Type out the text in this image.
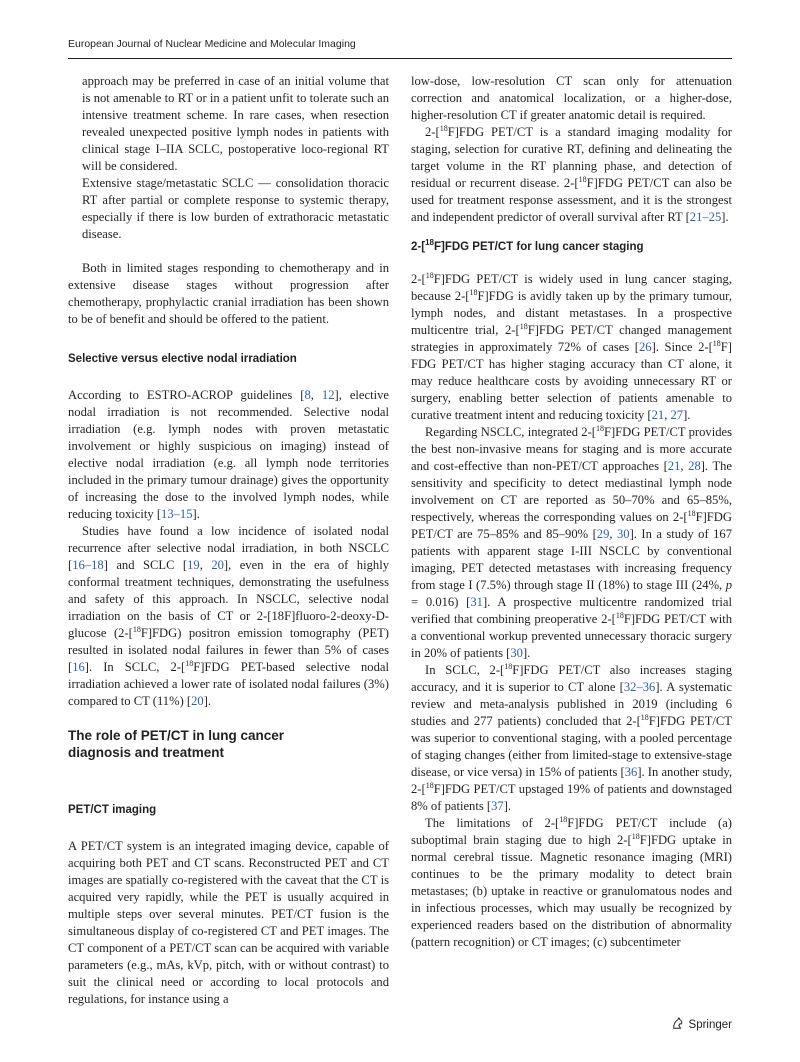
European Journal of Nuclear Medicine and Molecular Imaging

approach may be preferred in case of an initial volume that is not amenable to RT or in a patient unfit to tolerate such an intensive treatment scheme. In rare cases, when resection revealed unexpected positive lymph nodes in patients with clinical stage I–IIA SCLC, postoperative loco-regional RT will be considered.

Extensive stage/metastatic SCLC — consolidation thoracic RT after partial or complete response to systemic therapy, especially if there is low burden of extrathoracic metastatic disease.

Both in limited stages responding to chemotherapy and in extensive disease stages without progression after chemotherapy, prophylactic cranial irradiation has been shown to be of benefit and should be offered to the patient.

Selective versus elective nodal irradiation

According to ESTRO-ACROP guidelines [8, 12], elective nodal irradiation is not recommended. Selective nodal irradiation (e.g. lymph nodes with proven metastatic involvement or highly suspicious on imaging) instead of elective nodal irradiation (e.g. all lymph node territories included in the primary tumour drainage) gives the opportunity of increasing the dose to the involved lymph nodes, while reducing toxicity [13–15].

Studies have found a low incidence of isolated nodal recurrence after selective nodal irradiation, in both NSCLC [16–18] and SCLC [19, 20], even in the era of highly conformal treatment techniques, demonstrating the usefulness and safety of this approach. In NSCLC, selective nodal irradiation on the basis of CT or 2-[18F]fluoro-2-deoxy-D-glucose (2-[$^{18}$F]FDG) positron emission tomography (PET) resulted in isolated nodal failures in fewer than 5% of cases [16]. In SCLC, 2-[$^{18}$F]FDG PET-based selective nodal irradiation achieved a lower rate of isolated nodal failures (3%) compared to CT (11%) [20].

The role of PET/CT in lung cancer diagnosis and treatment
PET/CT imaging

A PET/CT system is an integrated imaging device, capable of acquiring both PET and CT scans. Reconstructed PET and CT images are spatially co-registered with the caveat that the CT is acquired very rapidly, while the PET is usually acquired in multiple steps over several minutes. PET/CT fusion is the simultaneous display of co-registered CT and PET images. The CT component of a PET/CT scan can be acquired with variable parameters (e.g., mAs, kVp, pitch, with or without contrast) to suit the clinical need or according to local protocols and regulations, for instance using a

low-dose, low-resolution CT scan only for attenuation correction and anatomical localization, or a higher-dose, higher-resolution CT if greater anatomic detail is required.

2-[$^{18}$F]FDG PET/CT is a standard imaging modality for staging, selection for curative RT, defining and delineating the target volume in the RT planning phase, and detection of residual or recurrent disease. 2-[$^{18}$F]FDG PET/CT can also be used for treatment response assessment, and it is the strongest and independent predictor of overall survival after RT [21–25].

2-[$^{18}$F]FDG PET/CT for lung cancer staging

2-[$^{18}$F]FDG PET/CT is widely used in lung cancer staging, because 2-[$^{18}$F]FDG is avidly taken up by the primary tumour, lymph nodes, and distant metastases. In a prospective multicentre trial, 2-[$^{18}$F]FDG PET/CT changed management strategies in approximately 72% of cases [26]. Since 2-[$^{18}$F] FDG PET/CT has higher staging accuracy than CT alone, it may reduce healthcare costs by avoiding unnecessary RT or surgery, enabling better selection of patients amenable to curative treatment intent and reducing toxicity [21, 27].

Regarding NSCLC, integrated 2-[$^{18}$F]FDG PET/CT provides the best non-invasive means for staging and is more accurate and cost-effective than non-PET/CT approaches [21, 28]. The sensitivity and specificity to detect mediastinal lymph node involvement on CT are reported as 50–70% and 65–85%, respectively, whereas the corresponding values on 2-[$^{18}$F]FDG PET/CT are 75–85% and 85–90% [29, 30]. In a study of 167 patients with apparent stage I-III NSCLC by conventional imaging, PET detected metastases with increasing frequency from stage I (7.5%) through stage II (18%) to stage III (24%, p = 0.016) [31]. A prospective multicentre randomized trial verified that combining preoperative 2-[$^{18}$F]FDG PET/CT with a conventional workup prevented unnecessary thoracic surgery in 20% of patients [30].

In SCLC, 2-[$^{18}$F]FDG PET/CT also increases staging accuracy, and it is superior to CT alone [32–36]. A systematic review and meta-analysis published in 2019 (including 6 studies and 277 patients) concluded that 2-[$^{18}$F]FDG PET/CT was superior to conventional staging, with a pooled percentage of staging changes (either from limited-stage to extensive-stage disease, or vice versa) in 15% of patients [36]. In another study, 2-[$^{18}$F]FDG PET/CT upstaged 19% of patients and downstaged 8% of patients [37].

The limitations of 2-[$^{18}$F]FDG PET/CT include (a) suboptimal brain staging due to high 2-[$^{18}$F]FDG uptake in normal cerebral tissue. Magnetic resonance imaging (MRI) continues to be the primary modality to detect brain metastases; (b) uptake in reactive or granulomatous nodes and in infectious processes, which may usually be recognized by experienced readers based on the distribution of abnormality (pattern recognition) or CT images; (c) subcentimeter

Springer
